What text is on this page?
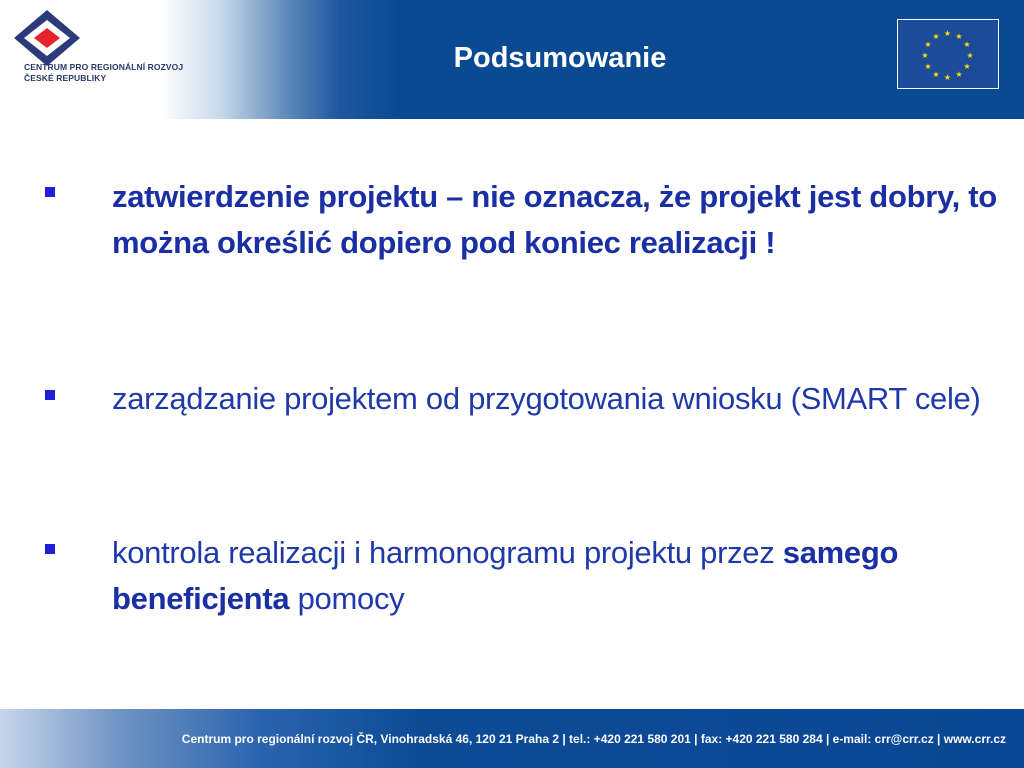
CENTRUM PRO REGIONÁLNÍ ROZVOJ
ČESKÉ REPUBLIKY
Podsumowanie
★ ★
★
★
★
★
★
★
★
★
★
★
zatwierdzenie projektu – nie oznacza, że projekt jest dobry, to można określić dopiero pod koniec realizacji !
zarządzanie projektem od przygotowania wniosku (SMART cele)
kontrola realizacji i harmonogramu projektu przez samego beneficjenta pomocy
Centrum pro regionální rozvoj ČR, Vinohradská 46, 120 21 Praha 2 | tel.: +420 221 580 201 | fax: +420 221 580 284 | e-mail: crr@crr.cz | www.crr.cz
